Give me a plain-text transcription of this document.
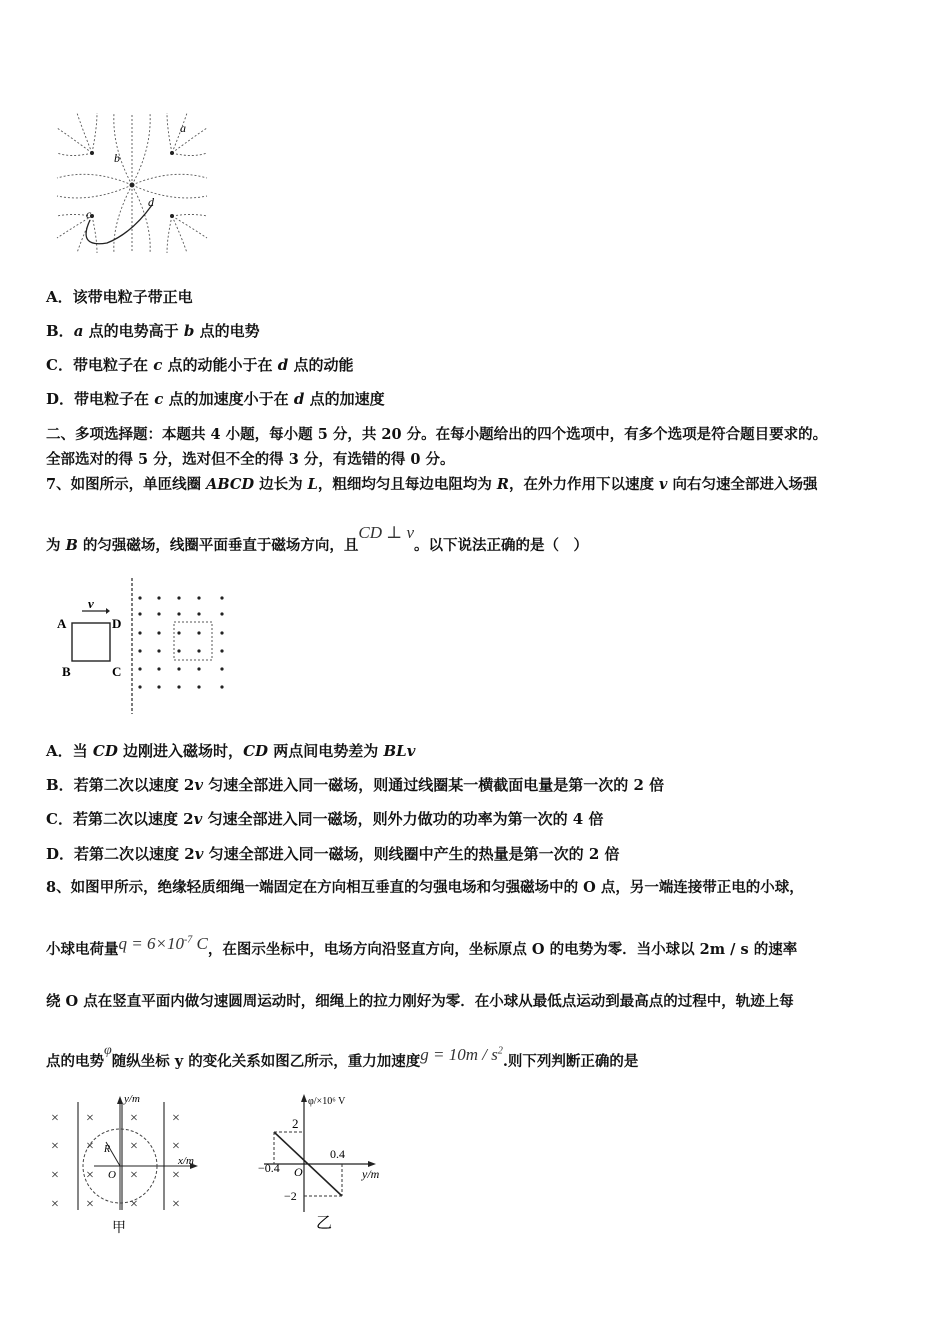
a
b
c
d
A．该带电粒子带正电
B．a 点的电势高于 b 点的电势
C．带电粒子在 c 点的动能小于在 d 点的动能
D．带电粒子在 c 点的加速度小于在 d 点的加速度
二、多项选择题：本题共 4 小题，每小题 5 分，共 20 分。在每小题给出的四个选项中，有多个选项是符合题目要求的。
全部选对的得 5 分，选对但不全的得 3 分，有选错的得 0 分。
7、如图所示，单匝线圈 ABCD 边长为 L，粗细均匀且每边电阻均为 R，在外力作用下以速度 v 向右匀速全部进入场强
为 B 的匀强磁场，线圈平面垂直于磁场方向，且CD ⊥ v。以下说法正确的是（　）
v
A	D
B	C
A．当 CD 边刚进入磁场时，CD 两点间电势差为 BLv
B．若第二次以速度 2v 匀速全部进入同一磁场，则通过线圈某一横截面电量是第一次的 2 倍
C．若第二次以速度 2v 匀速全部进入同一磁场，则外力做功的功率为第一次的 4 倍
D．若第二次以速度 2v 匀速全部进入同一磁场，则线圈中产生的热量是第一次的 2 倍
8、如图甲所示，绝缘轻质细绳一端固定在方向相互垂直的匀强电场和匀强磁场中的 O 点，另一端连接带正电的小球，
小球电荷量$q = 6\times 10^{-7}$ C，在图示坐标中，电场方向沿竖直方向，坐标原点 O 的电势为零．当小球以 2m / s 的速率
绕 O 点在竖直平面内做匀速圆周运动时，细绳上的拉力刚好为零．在小球从最低点运动到最高点的过程中，轨迹上每
点的电势φ随纵坐标 y 的变化关系如图乙所示，重力加速度$g = 10m / s^2$.则下列判断正确的是
× ×	× ×
× ×	× ×
× ×	× ×
× ×	× ×
y/m
x/m
R
O
甲
φ/×10⁶ V
y/m
2
−2
0.4
−0.4 O
乙
